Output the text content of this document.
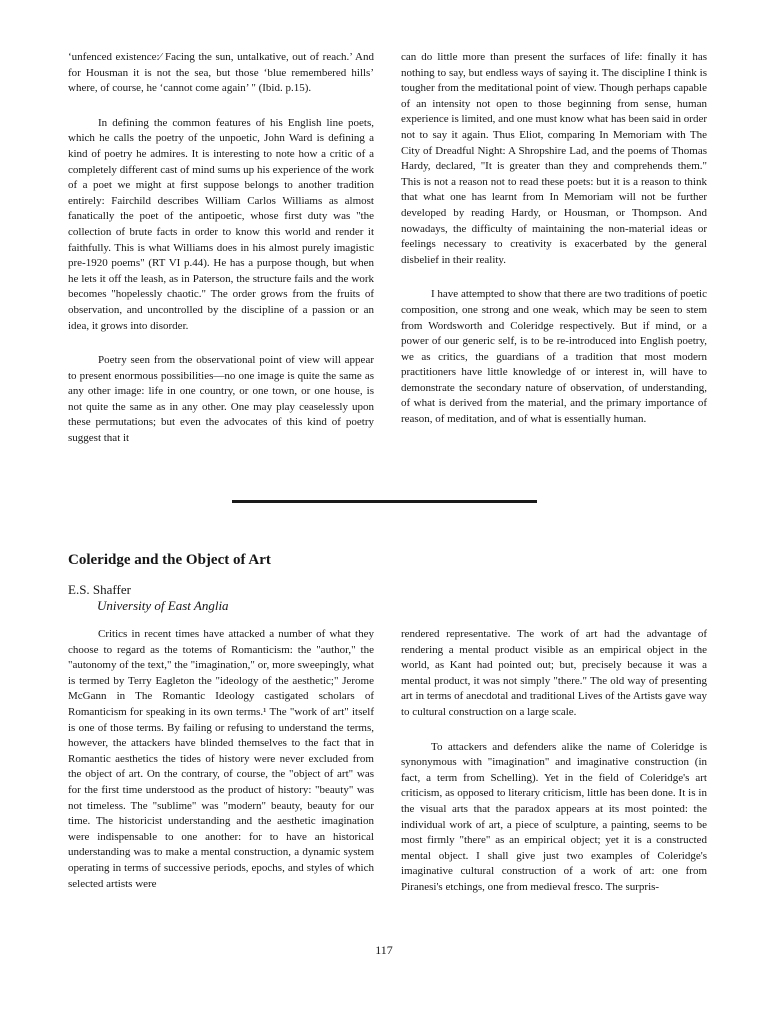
‘unfenced existence:⁄ Facing the sun, untalkative, out of reach.’ And for Housman it is not the sea, but those ‘blue remembered hills’ where, of course, he ‘cannot come again’ " (Ibid. p.15).

In defining the common features of his English line poets, which he calls the poetry of the unpoetic, John Ward is defining a kind of poetry he admires. It is interesting to note how a critic of a completely different cast of mind sums up his experience of the work of a poet we might at first suppose belongs to another tradition entirely: Fairchild describes William Carlos Williams as almost fanatically the poet of the antipoetic, whose first duty was "the collection of brute facts in order to know this world and render it faithfully. This is what Williams does in his almost purely imagistic pre-1920 poems" (RT VI p.44). He has a purpose though, but when he lets it off the leash, as in Paterson, the structure fails and the work becomes "hopelessly chaotic." The order grows from the fruits of observation, and uncontrolled by the discipline of a passion or an idea, it grows into disorder.

Poetry seen from the observational point of view will appear to present enormous possibilities—no one image is quite the same as any other image: life in one country, or one town, or one house, is not quite the same as in any other. One may play ceaselessly upon these permutations; but even the advocates of this kind of poetry suggest that it

can do little more than present the surfaces of life: finally it has nothing to say, but endless ways of saying it. The discipline I think is tougher from the meditational point of view. Though perhaps capable of an intensity not open to those beginning from sense, human experience is limited, and one must know what has been said in order not to say it again. Thus Eliot, comparing In Memoriam with The City of Dreadful Night: A Shropshire Lad, and the poems of Thomas Hardy, declared, "It is greater than they and comprehends them." This is not a reason not to read these poets: but it is a reason to think that what one has learnt from In Memoriam will not be further developed by reading Hardy, or Housman, or Thompson. And nowadays, the difficulty of maintaining the non-material ideas or feelings necessary to creativity is exacerbated by the general disbelief in their reality.

I have attempted to show that there are two traditions of poetic composition, one strong and one weak, which may be seen to stem from Wordsworth and Coleridge respectively. But if mind, or a power of our generic self, is to be re-introduced into English poetry, we as critics, the guardians of a tradition that most modern practitioners have little knowledge of or interest in, will have to demonstrate the secondary nature of observation, of understanding, of what is derived from the material, and the primary importance of reason, of meditation, and of what is essentially human.

Coleridge and the Object of Art

E.S. Shaffer

University of East Anglia

Critics in recent times have attacked a number of what they choose to regard as the totems of Romanticism: the "author," the "autonomy of the text," the "imagination," or, more sweepingly, what is termed by Terry Eagleton the "ideology of the aesthetic;" Jerome McGann in The Romantic Ideology castigated scholars of Romanticism for speaking in its own terms.¹ The "work of art" itself is one of those terms. By failing or refusing to understand the terms, however, the attackers have blinded themselves to the fact that in Romantic aesthetics the tides of history were never excluded from the object of art. On the contrary, of course, the "object of art" was for the first time understood as the product of history: "beauty" was not timeless. The "sublime" was "modern" beauty, beauty for our time. The historicist understanding and the aesthetic imagination were indispensable to one another: for to have an historical understanding was to make a mental construction, a dynamic system operating in terms of successive periods, epochs, and styles of which selected artists were

rendered representative. The work of art had the advantage of rendering a mental product visible as an empirical object in the world, as Kant had pointed out; but, precisely because it was a mental product, it was not simply "there." The old way of presenting art in terms of anecdotal and traditional Lives of the Artists gave way to cultural construction on a large scale.

To attackers and defenders alike the name of Coleridge is synonymous with "imagination" and imaginative construction (in fact, a term from Schelling). Yet in the field of Coleridge's art criticism, as opposed to literary criticism, little has been done. It is in the visual arts that the paradox appears at its most pointed: the individual work of art, a piece of sculpture, a painting, seems to be most firmly "there" as an empirical object; yet it is a constructed mental object. I shall give just two examples of Coleridge's imaginative cultural construction of a work of art: one from Piranesi's etchings, one from medieval fresco. The surpris-

117
